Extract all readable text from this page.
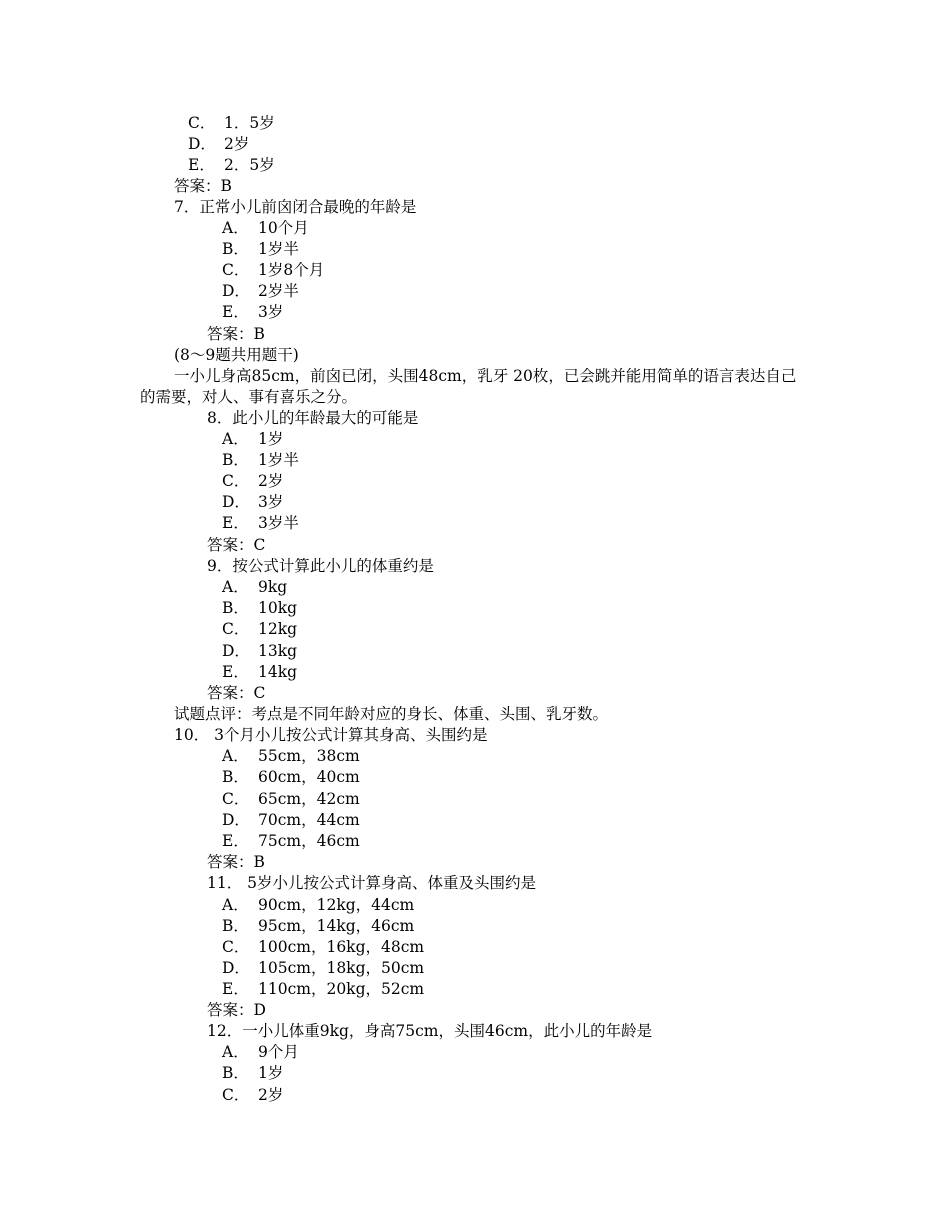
C． 1．5岁
D． 2岁
E． 2．5岁
答案：B
7．正常小儿前囟闭合最晚的年龄是
A． 10个月
B． 1岁半
C． 1岁8个月
D． 2岁半
E． 3岁
答案：B
(8～9题共用题干)
一小儿身高85cm，前囟已闭，头围48cm，乳牙 20枚，已会跳并能用简单的语言表达自己
的需要，对人、事有喜乐之分。
8．此小儿的年龄最大的可能是
A． 1岁
B． 1岁半
C． 2岁
D． 3岁
E． 3岁半
答案：C
9．按公式计算此小儿的体重约是
A． 9kg
B． 10kg
C． 12kg
D． 13kg
E． 14kg
答案：C
试题点评：考点是不同年龄对应的身长、体重、头围、乳牙数。
10． 3个月小儿按公式计算其身高、头围约是
A． 55cm，38cm
B． 60cm，40cm
C． 65cm，42cm
D． 70cm，44cm
E． 75cm，46cm
答案：B
11． 5岁小儿按公式计算身高、体重及头围约是
A． 90cm，12kg，44cm
B． 95cm，14kg，46cm
C． 100cm，16kg，48cm
D． 105cm，18kg，50cm
E． 110cm，20kg，52cm
答案：D
12．一小儿体重9kg，身高75cm，头围46cm，此小儿的年龄是
A． 9个月
B． 1岁
C． 2岁
